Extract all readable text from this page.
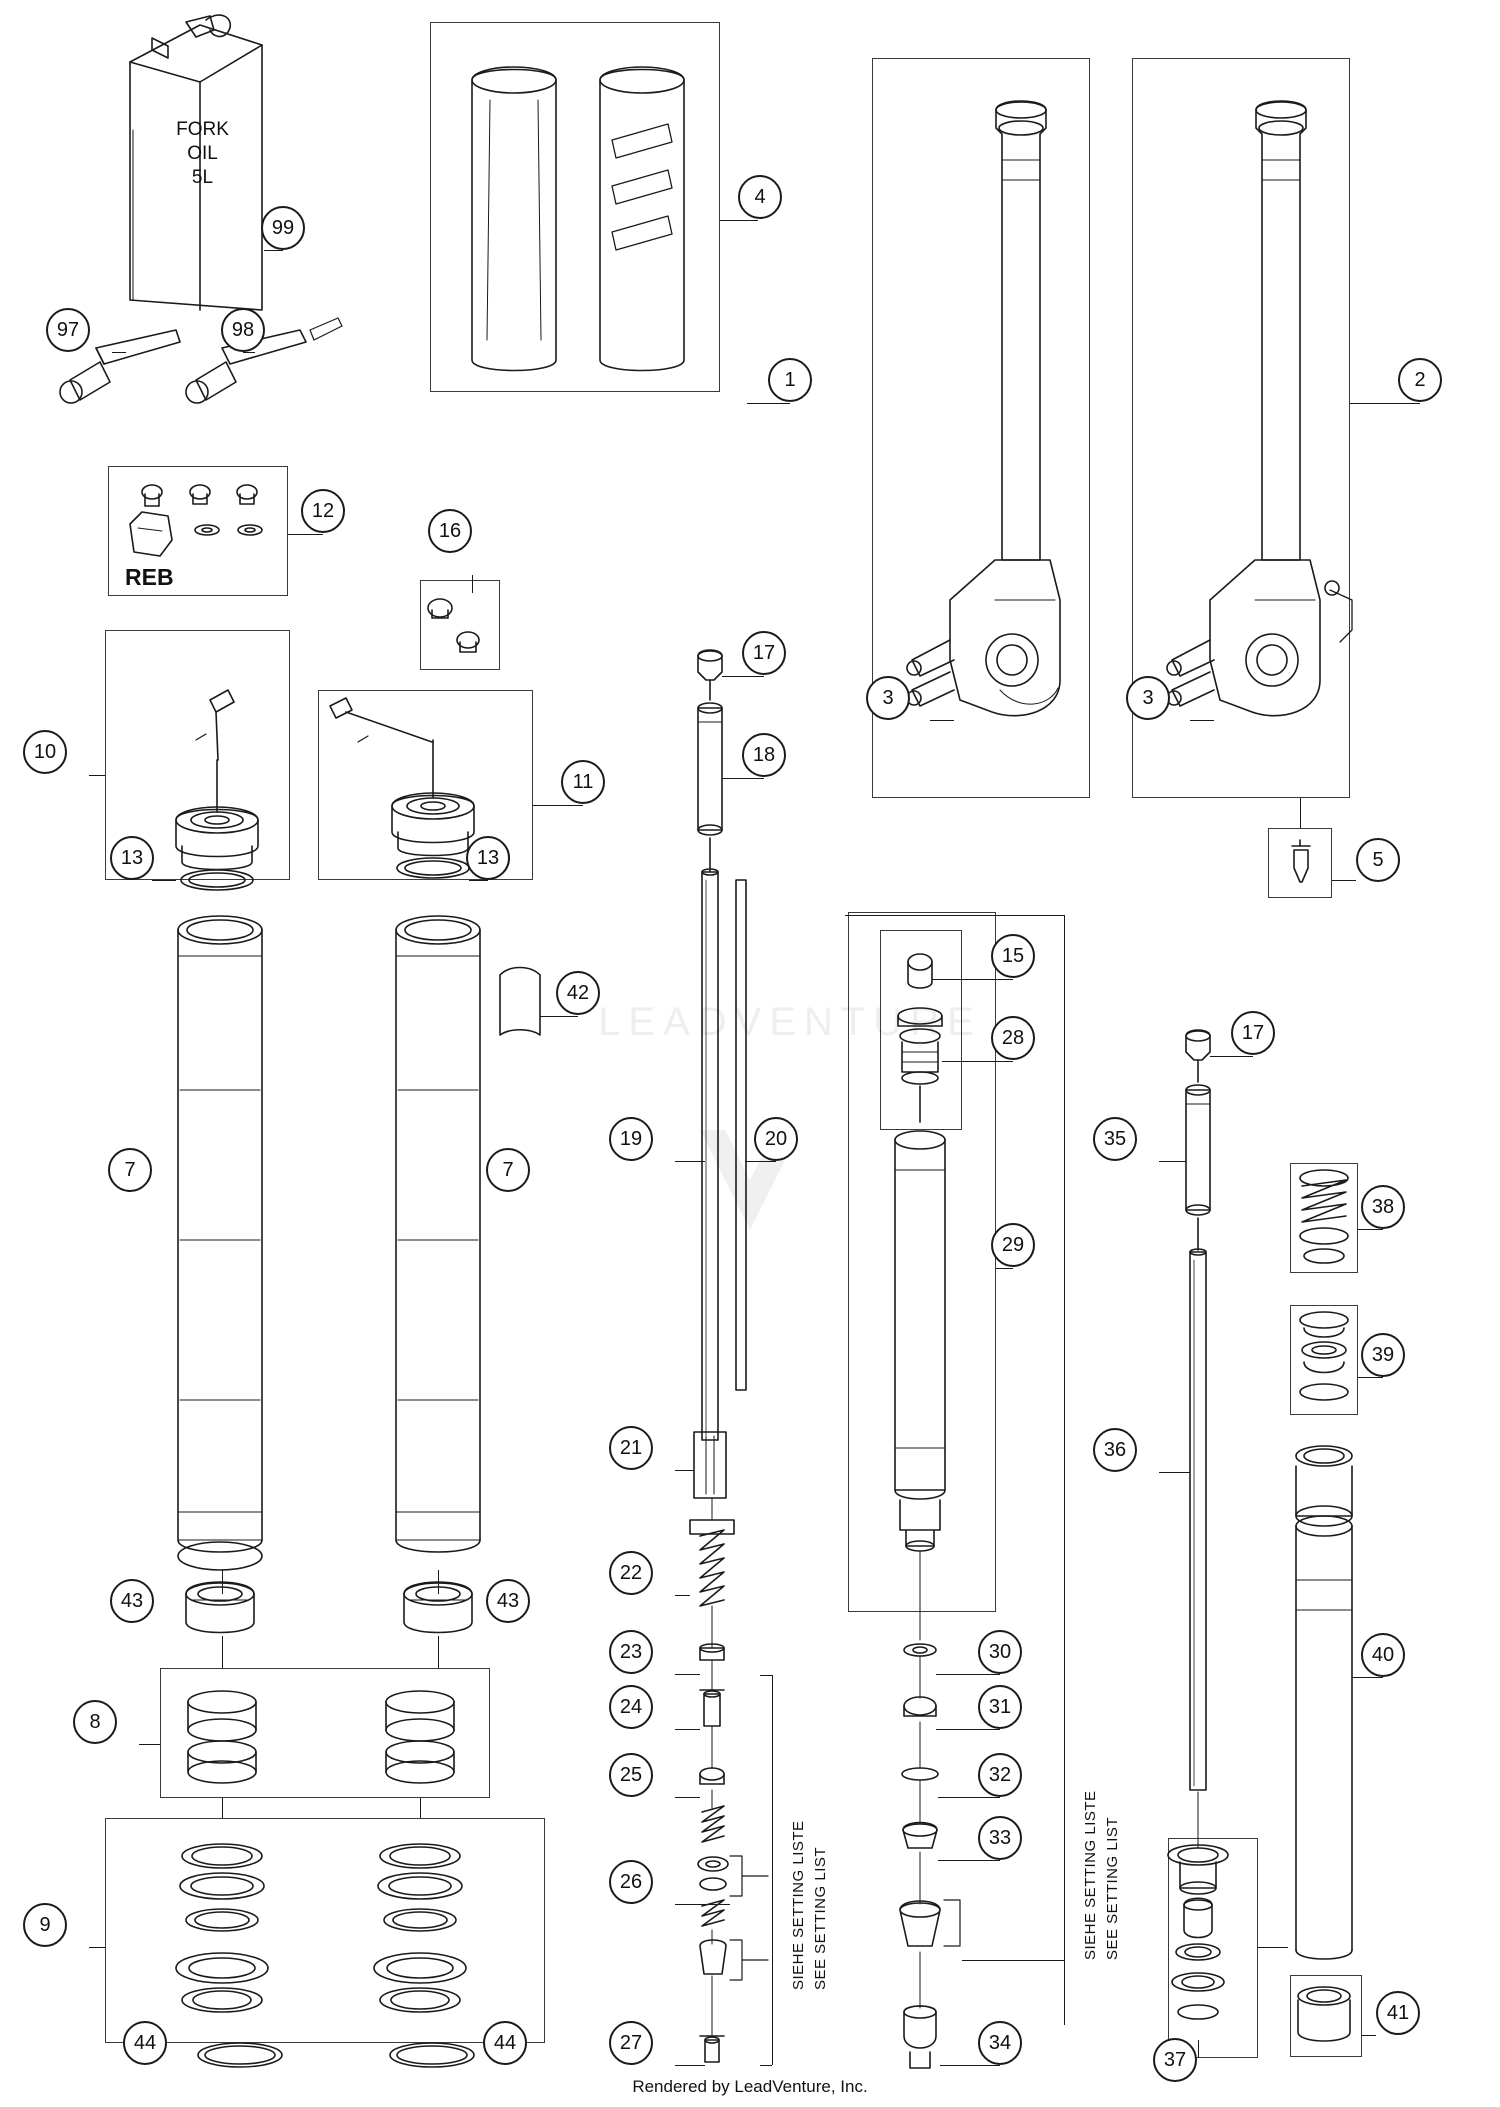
LEADVENTURE
SIEHE SETTING LISTE SEE SETTING LIST	SIEHE SETTING LISTE SEE SETTING LIST
FORK
OIL
5L
REB
99
97	98
4
1	2
3	3
5
12
16
17
18
10
11
13	13
15
28
42
7	7
19	20
29
17
35
38
39
36
40
21
22
23
24
25
26
27
30
31
32
33
34
43	43
8
9
44	44
37
41
Rendered by LeadVenture, Inc.
